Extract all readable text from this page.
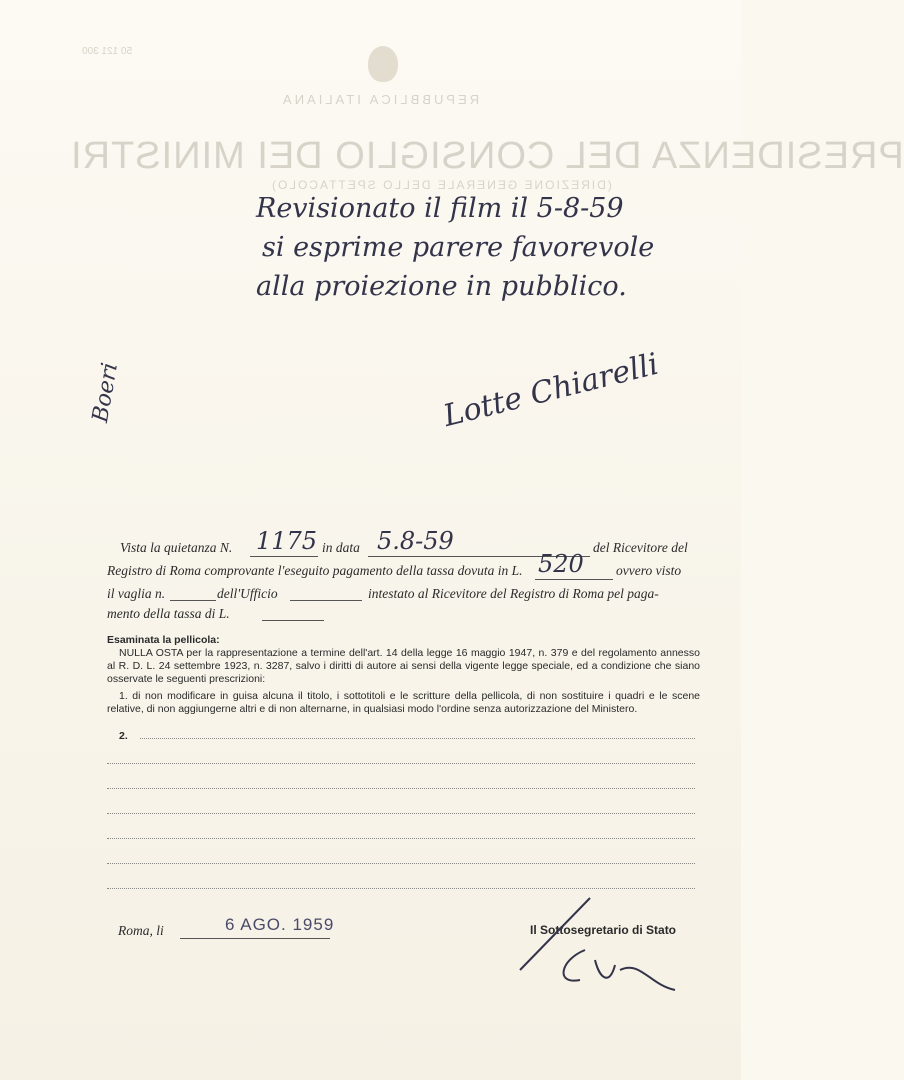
50 121 300
REPUBBLICA ITALIANA
PRESIDENZA DEL CONSIGLIO DEI MINISTRI
(DIREZIONE GENERALE DELLO SPETTACOLO)
Revisionato il film il 5-8-59
si esprime parere favorevole
alla proiezione in pubblico.
Lotte Chiarelli
Boeri
Vista la quietanza N. 1175 in data 5.8-59	del Ricevitore del
Registro di Roma comprovante l'eseguito pagamento della tassa dovuta in L. 520 ovvero visto
il vaglia n.	dell'Ufficio	intestato al Ricevitore del Registro di Roma pel paga-
mento della tassa di L.
Esaminata la pellicola:
NULLA OSTA per la rappresentazione a termine dell'art. 14 della legge 16 maggio 1947, n. 379 e del regolamento annesso al R. D. L. 24 settembre 1923, n. 3287, salvo i diritti di autore ai sensi della vigente legge speciale, ed a condizione che siano osservate le seguenti prescrizioni:
1. di non modificare in guisa alcuna il titolo, i sottotitoli e le scritture della pellicola, di non sostituire i quadri e le scene relative, di non aggiungerne altri e di non alternarne, in qualsiasi modo l'ordine senza autorizzazione del Ministero.
2.
Roma, li	6 AGO. 1959	Il Sottosegretario di Stato
